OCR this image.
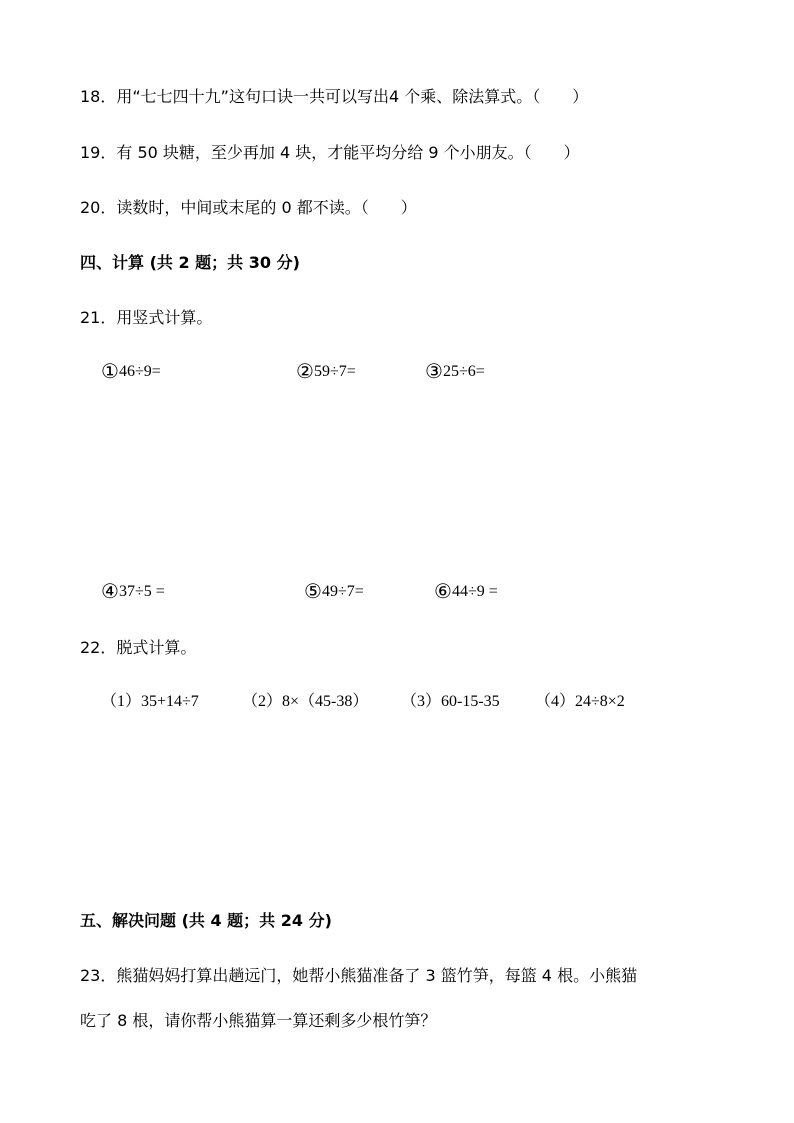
18．用“七七四十九”这句口诀一共可以写出4 个乘、除法算式。（　　）
19．有 50 块糖，至少再加 4 块，才能平均分给 9 个小朋友。（　　）
20．读数时，中间或末尾的 0 都不读。（　　）
四、计算 (共 2 题；共 30 分)
21．用竖式计算。
①46÷9=	②59÷7=	③25÷6=
④37÷5 =	⑤49÷7=	⑥44÷9 =
22．脱式计算。
（1）35+14÷7	（2）8×（45-38） （3）60-15-35 （4）24÷8×2
五、解决问题 (共 4 题；共 24 分)
23．熊猫妈妈打算出趟远门，她帮小熊猫准备了 3 篮竹笋，每篮 4 根。小熊猫
吃了 8 根，请你帮小熊猫算一算还剩多少根竹笋？
